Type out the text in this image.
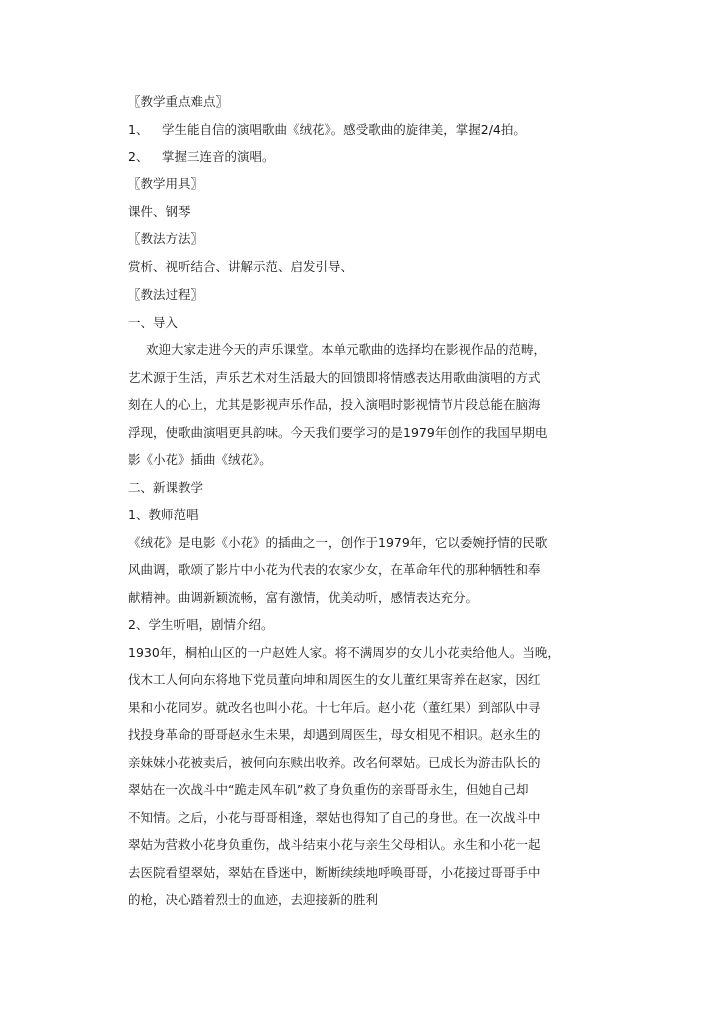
〖教学重点难点〗
1、 学生能自信的演唱歌曲《绒花》。感受歌曲的旋律美，掌握2/4拍。
2、 掌握三连音的演唱。
〖教学用具〗
课件、钢琴
〖教法方法〗
赏析、视听结合、讲解示范、启发引导、
〖教法过程〗
一、导入
欢迎大家走进今天的声乐课堂。本单元歌曲的选择均在影视作品的范畴，
艺术源于生活，声乐艺术对生活最大的回馈即将情感表达用歌曲演唱的方式
刻在人的心上，尤其是影视声乐作品，投入演唱时影视情节片段总能在脑海
浮现，使歌曲演唱更具韵味。今天我们要学习的是1979年创作的我国早期电
影《小花》插曲《绒花》。
二、新课教学
1、教师范唱
《绒花》是电影《小花》的插曲之一，创作于1979年，它以委婉抒情的民歌
风曲调，歌颂了影片中小花为代表的农家少女，在革命年代的那种牺牲和奉
献精神。曲调新颖流畅，富有激情，优美动听，感情表达充分。
2、学生听唱，剧情介绍。
1930年，桐柏山区的一户赵姓人家。将不满周岁的女儿小花卖给他人。当晚，
伐木工人何向东将地下党员董向坤和周医生的女儿董红果寄养在赵家，因红
果和小花同岁。就改名也叫小花。十七年后。赵小花（董红果）到部队中寻
找投身革命的哥哥赵永生未果，却遇到周医生，母女相见不相识。赵永生的
亲妹妹小花被卖后，被何向东赎出收养。改名何翠姑。已成长为游击队长的
翠姑在一次战斗中“跪走风车矶”救了身负重伤的亲哥哥永生，但她自己却
不知情。之后，小花与哥哥相逢，翠姑也得知了自己的身世。在一次战斗中
翠姑为营救小花身负重伤，战斗结束小花与亲生父母相认。永生和小花一起
去医院看望翠姑，翠姑在昏迷中，断断续续地呼唤哥哥，小花接过哥哥手中
的枪，决心踏着烈士的血迹，去迎接新的胜利
